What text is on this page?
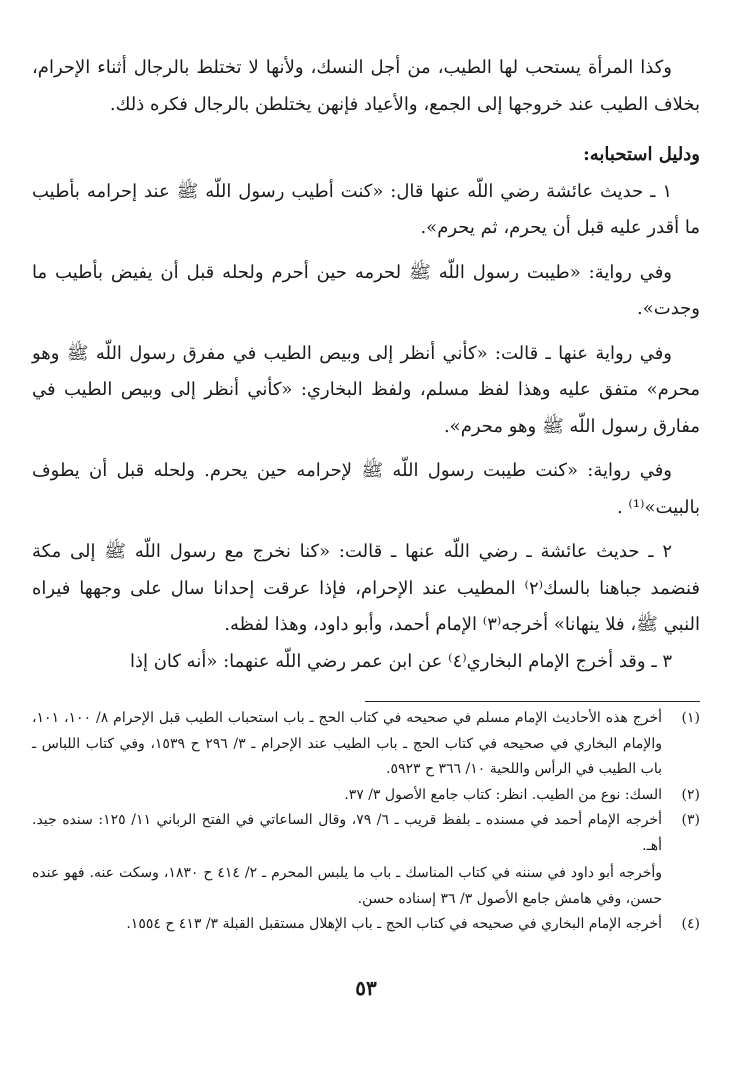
وكذا المرأة يستحب لها الطيب، من أجل النسك، ولأنها لا تختلط بالرجال أثناء الإحرام، بخلاف الطيب عند خروجها إلى الجمع، والأعياد فإنهن يختلطن بالرجال فكره ذلك.

ودليل استحبابه:

١ ـ حديث عائشة رضي اللّه عنها قال: «كنت أطيب رسول اللّه ﷺ عند إحرامه بأطيب ما أقدر عليه قبل أن يحرم، ثم يحرم».

وفي رواية: «طيبت رسول اللّه ﷺ لحرمه حين أحرم ولحله قبل أن يفيض بأطيب ما وجدت».

وفي رواية عنها ـ قالت: «كأني أنظر إلى وبيص الطيب في مفرق رسول اللّه ﷺ وهو محرم» متفق عليه وهذا لفظ مسلم، ولفظ البخاري: «كأني أنظر إلى وبيص الطيب في مفارق رسول اللّه ﷺ وهو محرم».

وفي رواية: «كنت طيبت رسول اللّه ﷺ لإحرامه حين يحرم. ولحله قبل أن يطوف بالبيت»⁽¹⁾ .

٢ ـ حديث عائشة ـ رضي اللّه عنها ـ قالت: «كنا نخرج مع رسول اللّه ﷺ إلى مكة فنضمد جباهنا بالسك⁽٢⁾ المطيب عند الإحرام، فإذا عرقت إحدانا سال على وجهها فيراه النبي ﷺ، فلا ينهانا» أخرجه⁽٣⁾ الإمام أحمد، وأبو داود، وهذا لفظه.

٣ ـ وقد أخرج الإمام البخاري⁽٤⁾ عن ابن عمر رضي اللّه عنهما: «أنه كان إذا

(١)
أخرج هذه الأحاديث الإمام مسلم في صحيحه في كتاب الحج ـ باب استحباب الطيب قبل الإحرام ٨/ ١٠٠، ١٠١، والإمام البخاري في صحيحه في كتاب الحج ـ باب الطيب عند الإحرام ـ ٣/ ٢٩٦ ح ١٥٣٩، وفي كتاب اللباس ـ باب الطيب في الرأس واللحية ١٠/ ٣٦٦ ح ٥٩٢٣.
(٢)
السك: نوع من الطيب. انظر: كتاب جامع الأصول ٣/ ٣٧.
(٣)
أخرجه الإمام أحمد في مسنده ـ بلفظ قريب ـ ٦/ ٧٩، وقال الساعاتي في الفتح الرباني ١١/ ١٢٥: سنده جيد. أهـ.

وأخرجه أبو داود في سننه في كتاب المناسك ـ باب ما يلبس المحرم ـ ٢/ ٤١٤ ح ١٨٣٠، وسكت عنه. فهو عنده حسن، وفي هامش جامع الأصول ٣/ ٣٦ إسناده حسن.

(٤)
أخرجه الإمام البخاري في صحيحه في كتاب الحج ـ باب الإهلال مستقبل القبلة ٣/ ٤١٣ ح ١٥٥٤.
٥٣
